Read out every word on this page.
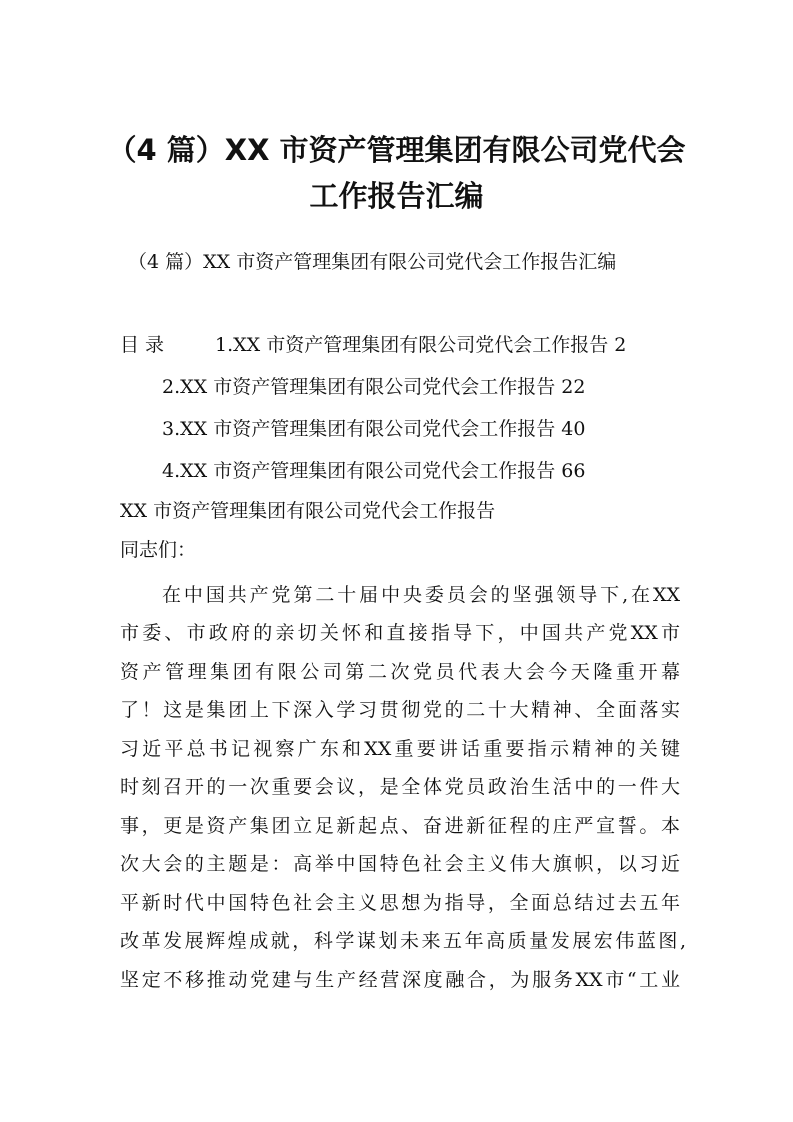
（4 篇）XX 市资产管理集团有限公司党代会
工作报告汇编
（4 篇）XX 市资产管理集团有限公司党代会工作报告汇编
目 录	1.XX 市资产管理集团有限公司党代会工作报告 2
2.XX 市资产管理集团有限公司党代会工作报告 22
3.XX 市资产管理集团有限公司党代会工作报告 40
4.XX 市资产管理集团有限公司党代会工作报告 66
XX 市资产管理集团有限公司党代会工作报告
同志们：
在中国共产党第二十届中央委员会的坚强领导下,在XX
市委、市政府的亲切关怀和直接指导下，中国共产党XX市
资产管理集团有限公司第二次党员代表大会今天隆重开幕
了！这是集团上下深入学习贯彻党的二十大精神、全面落实
习近平总书记视察广东和XX重要讲话重要指示精神的关键
时刻召开的一次重要会议，是全体党员政治生活中的一件大
事，更是资产集团立足新起点、奋进新征程的庄严宣誓。本
次大会的主题是：高举中国特色社会主义伟大旗帜，以习近
平新时代中国特色社会主义思想为指导，全面总结过去五年
改革发展辉煌成就，科学谋划未来五年高质量发展宏伟蓝图,
坚定不移推动党建与生产经营深度融合，为服务XX市“工业
